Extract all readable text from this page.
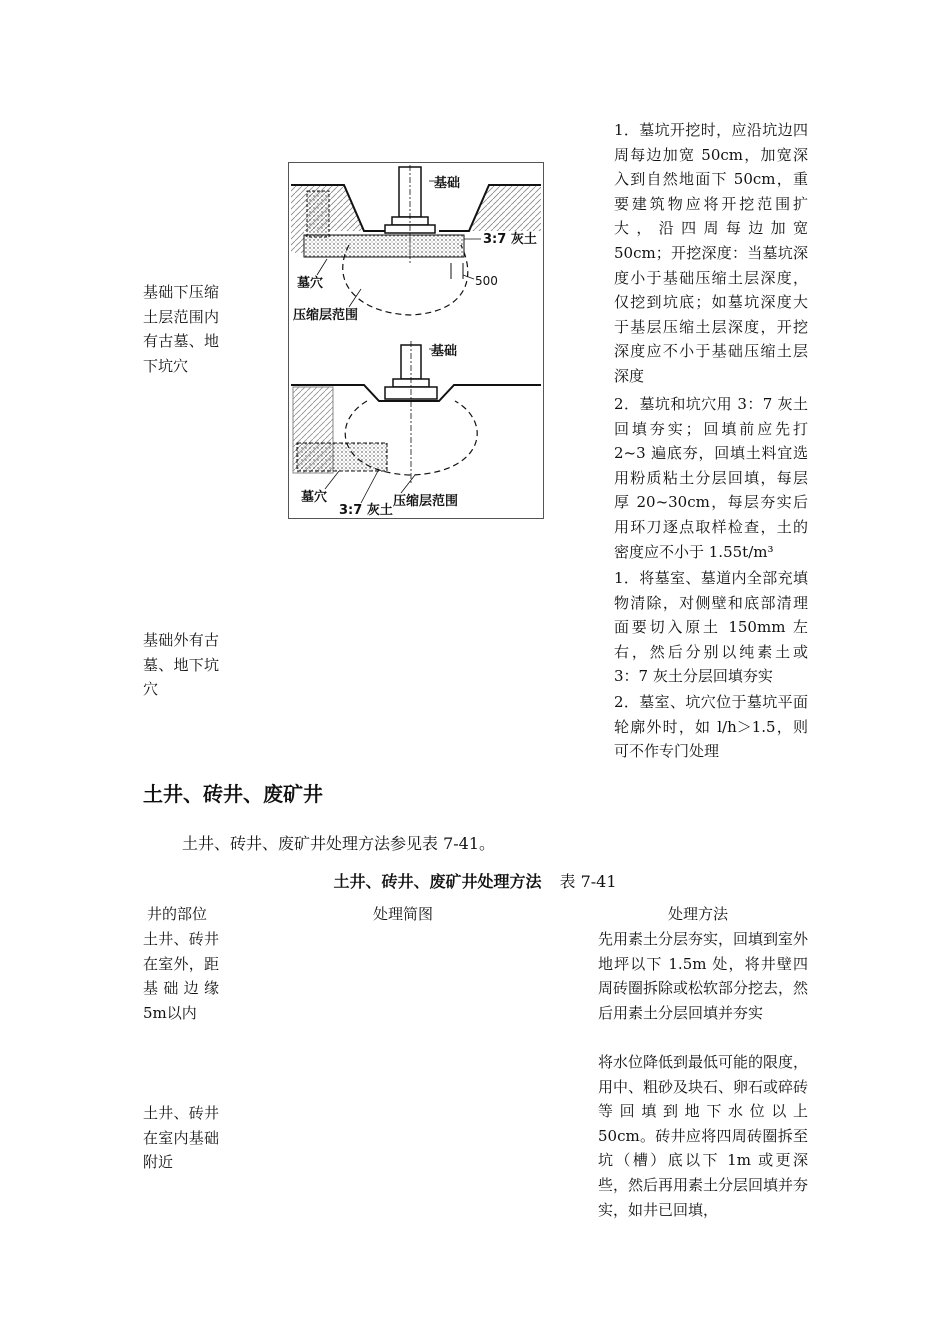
基础下压缩土层范围内有古墓、地下坑穴
1．墓坑开挖时，应沿坑边四周每边加宽 50cm，加宽深入到自然地面下 50cm，重要建筑物应将开挖范围扩大，沿四周每边加宽 50cm；开挖深度：当墓坑深度小于基础压缩土层深度，仅挖到坑底；如墓坑深度大于基层压缩土层深度，开挖深度应不小于基础压缩土层深度
2．墓坑和坑穴用 3：7 灰土回填夯实；回填前应先打 2~3 遍底夯，回填土料宜选用粉质粘土分层回填，每层厚 20~30cm，每层夯实后用环刀逐点取样检查，土的密度应不小于 1.55t/m³
基础
3:7 灰土
墓穴	500
压缩层范围
基础
墓穴
3:7 灰土
压缩层范围
基础外有古墓、地下坑穴
1．将墓室、墓道内全部充填物清除，对侧壁和底部清理面要切入原土 150mm 左右，然后分别以纯素土或 3：7 灰土分层回填夯实
2．墓室、坑穴位于墓坑平面轮廓外时，如 l/h＞1.5，则可不作专门处理
土井、砖井、废矿井
土井、砖井、废矿井处理方法参见表 7-41。
土井、砖井、废矿井处理方法 表 7-41
井的部位	处理简图	处理方法
土井、砖井在室外，距基础边缘 5m以内
先用素土分层夯实，回填到室外地坪以下 1.5m 处，将井壁四周砖圈拆除或松软部分挖去，然后用素土分层回填并夯实
土井、砖井在室内基础附近
将水位降低到最低可能的限度，用中、粗砂及块石、卵石或碎砖等回填到地下水位以上 50cm。砖井应将四周砖圈拆至坑（槽）底以下 1m 或更深些，然后再用素土分层回填并夯实，如井已回填，
